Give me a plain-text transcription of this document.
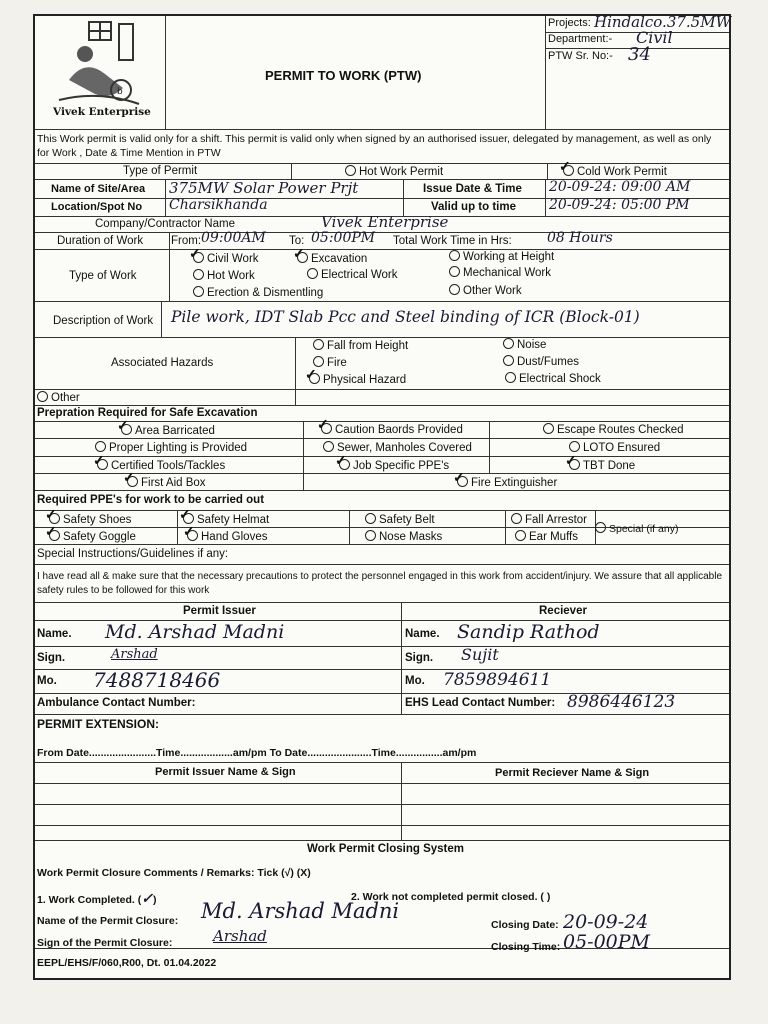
b
Vivek Enterprise
PERMIT TO WORK (PTW)
Projects: Hindalco.37.5MW
Department:- Civil
PTW Sr. No:- 34
This Work permit is valid only for a shift. This permit is valid only when signed by an authorised issuer, delegated by management, as well as only for Work , Date & Time Mention in PTW
Type of Permit	Hot Work Permit ✓	Cold Work Permit
Name of Site/Area 375MW Solar Power Prjt	Issue Date & Time 20-09-24: 09:00 AM
Location/Spot No Charsikhanda	Valid up to time 20-09-24: 05:00 PM
Company/Contractor Name	Vivek Enterprise
Duration of Work From: 09:00AM To: 05:00PM Total Work Time in Hrs:	08 Hours
Type of Work
✓Civil Work ✓	Excavation	Working at Height
Hot Work	Electrical Work	Mechanical Work
Erection & Dismentling	Other Work
Description of Work Pile work, IDT Slab Pcc and Steel binding of ICR (Block-01)
Associated Hazards
Fall from Height	Noise
Fire	Dust/Fumes
✓Physical Hazard	Electrical Shock
Other
Prepration Required for Safe Excavation
✓Area Barricated ✓	Caution Baords Provided	Escape Routes Checked
Proper Lighting is Provided	Sewer, Manholes Covered	LOTO Ensured
✓Certified Tools/Tackles ✓	Job Specific PPE's ✓	TBT Done
✓First Aid Box ✓	Fire Extinguisher
Required PPE's for work to be carried out
✓Safety Shoes ✓	Safety Helmat	Safety Belt	Fall Arrestor
✓Safety Goggle ✓	Hand Gloves	Nose Masks	Ear Muffs
Special (if any)
Special Instructions/Guidelines if any:
I have read all & make sure that the necessary precautions to protect the personnel engaged in this work from accident/injury. We assure that all applicable safety rules to be followed for this work
Permit Issuer	Reciever
Name. Md. Arshad Madni	Name. Sandip Rathod
Sign.	Arshad	Sign. Sujit
Mo. 7488718466	Mo. 7859894611
Ambulance Contact Number:	EHS Lead Contact Number: 8986446123
PERMIT EXTENSION:
From Date.......................Time..................am/pm To Date......................Time................am/pm
Permit Issuer Name & Sign	Permit Reciever Name & Sign
Work Permit Closing System
Work Permit Closure Comments / Remarks: Tick (√) (X)
1. Work Completed. (✓)	2. Work not completed permit closed. ( )
Name of the Permit Closure: Md. Arshad Madni
Closing Date: 20-09-24
Sign of the Permit Closure:	Arshad
Closing Time: 05-00PM
EEPL/EHS/F/060,R00, Dt. 01.04.2022
